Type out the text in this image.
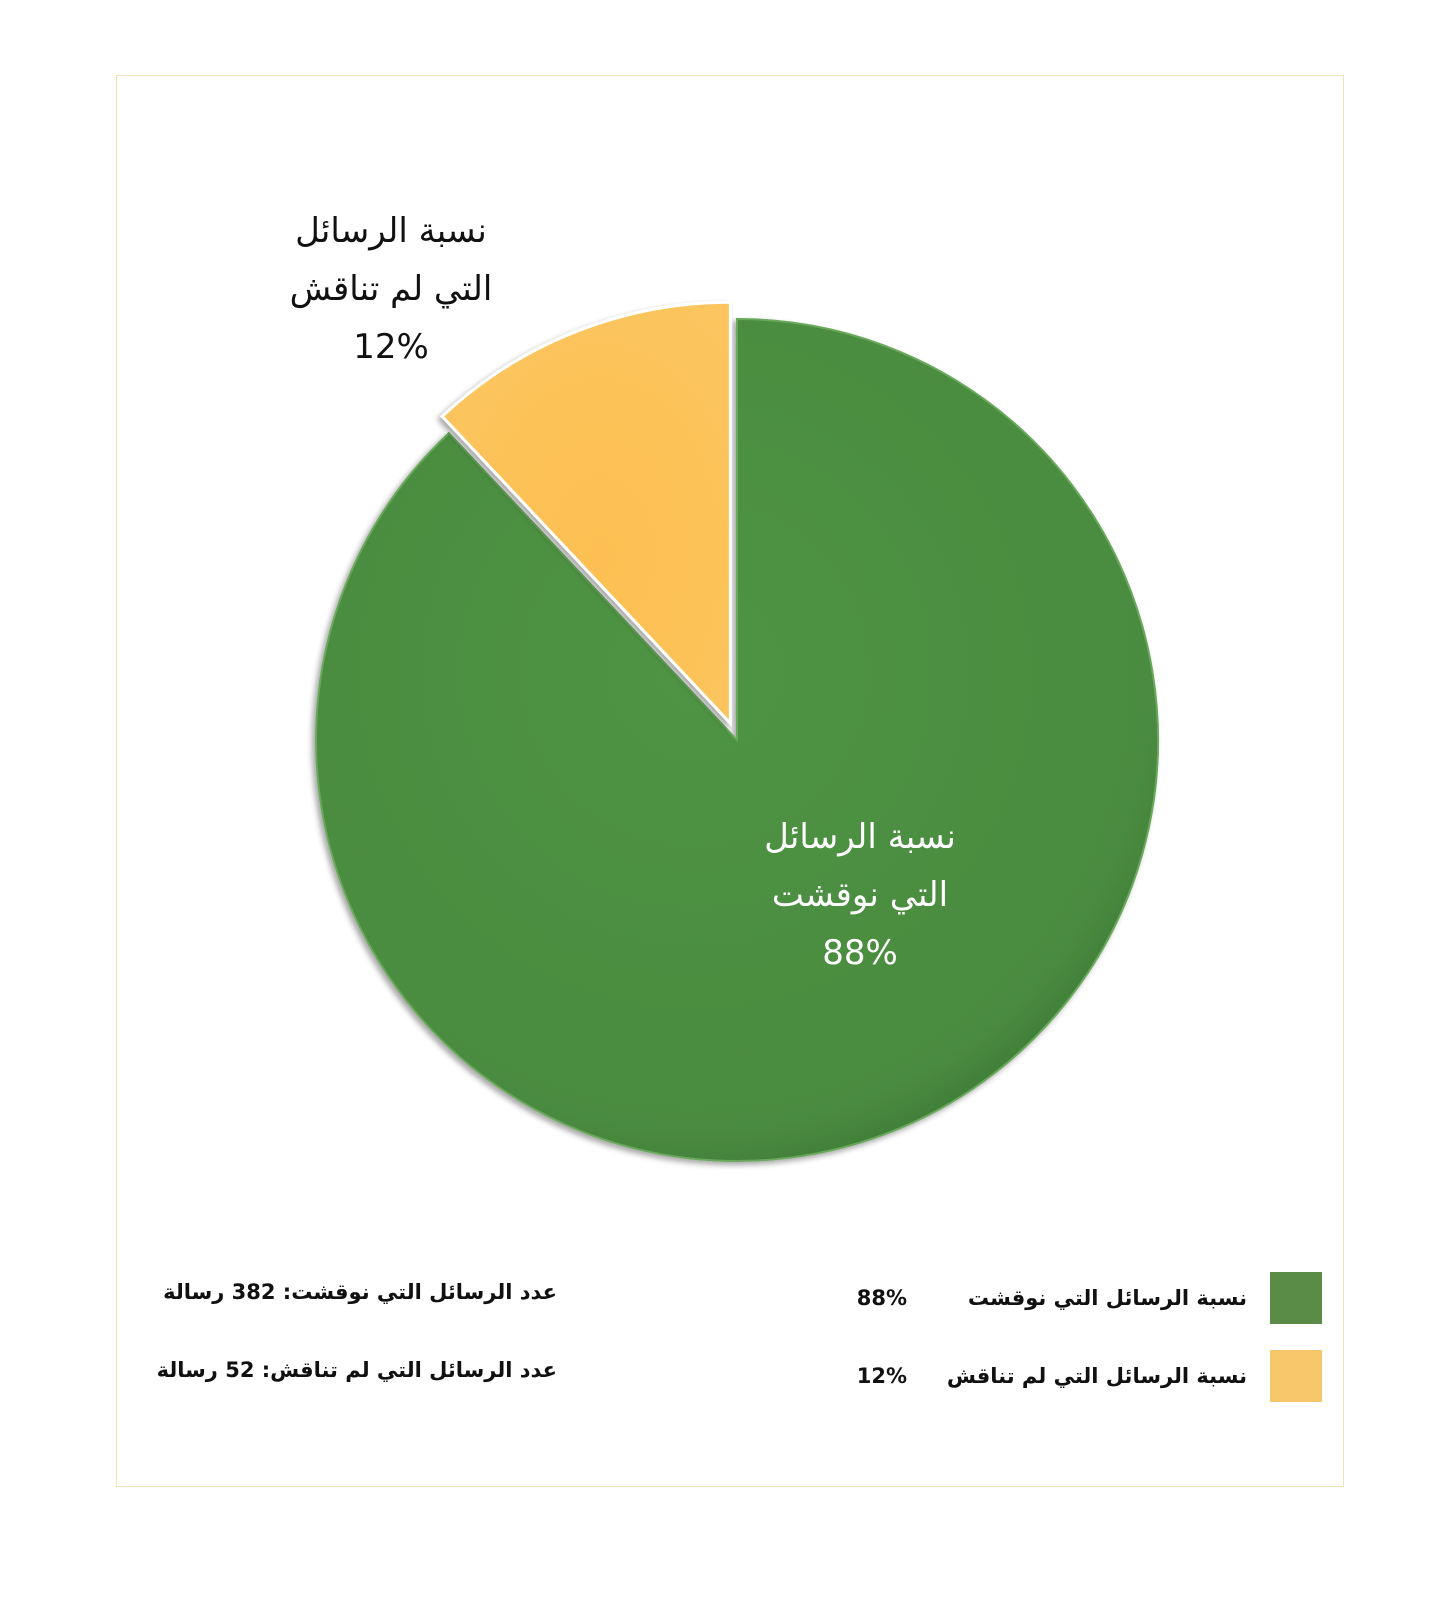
نسبة الرسائل
التي لم تناقش
12%
نسبة الرسائل
التي نوقشت
88%
نسبة الرسائل التي نوقشت
88%
عدد الرسائل التي نوقشت: 382 رسالة
نسبة الرسائل التي لم تناقش
12%
عدد الرسائل التي لم تناقش: 52 رسالة
